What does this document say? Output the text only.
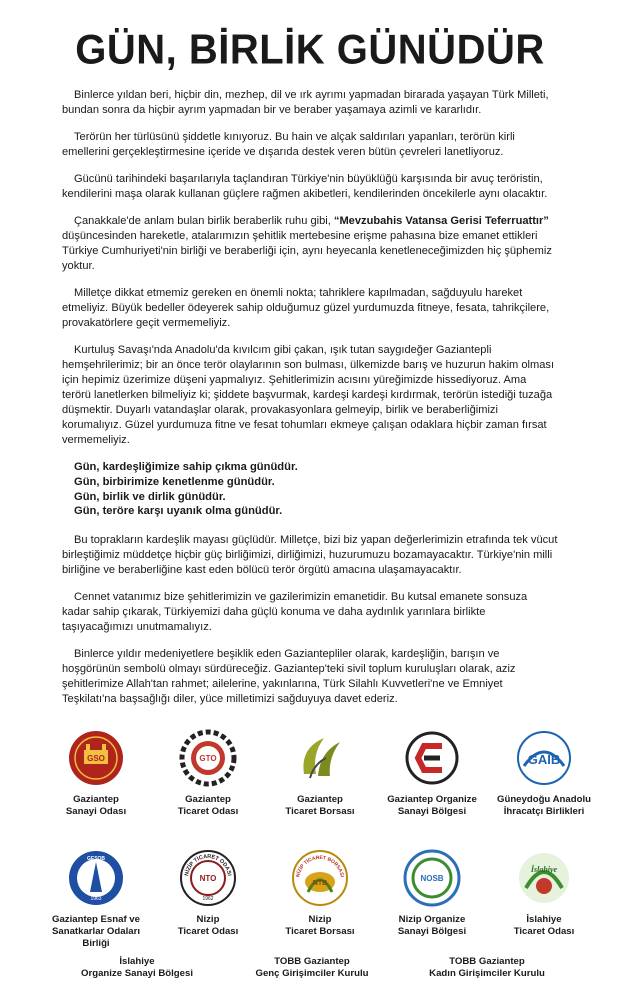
GÜN, BİRLİK GÜNÜDÜR

Binlerce yıldan beri, hiçbir din, mezhep, dil ve ırk ayrımı yapmadan birarada yaşayan Türk Milleti, bundan sonra da hiçbir ayrım yapmadan bir ve beraber yaşamaya azimli ve kararlıdır.

Terörün her türlüsünü şiddetle kınıyoruz. Bu hain ve alçak saldırıları yapanları, terörün kirli emellerini gerçekleştirmesine içeride ve dışarıda destek veren bütün çevreleri lanetliyoruz.

Gücünü tarihindeki başarılarıyla taçlandıran Türkiye'nin büyüklüğü karşısında bir avuç teröristin, kendilerini maşa olarak kullanan güçlere rağmen akibetleri, kendilerinden öncekilerle aynı olacaktır.

Çanakkale'de anlam bulan birlik beraberlik ruhu gibi, “Mevzubahis Vatansa Gerisi Teferruattır” düşüncesinden hareketle, atalarımızın şehitlik mertebesine erişme pahasına bize emanet ettikleri Türkiye Cumhuriyeti'nin birliği ve beraberliği için, aynı heyecanla kenetleneceğimizden hiç şüphemiz yoktur.

Milletçe dikkat etmemiz gereken en önemli nokta; tahriklere kapılmadan, sağduyulu hareket etmeliyiz. Büyük bedeller ödeyerek sahip olduğumuz güzel yurdumuzda fitneye, fesata, tahrikçilere, provakatörlere geçit vermemeliyiz.

Kurtuluş Savaşı'nda Anadolu'da kıvılcım gibi çakan, ışık tutan saygıdeğer Gaziantepli hemşehrilerimiz; bir an önce terör olaylarının son bulması, ülkemizde barış ve huzurun hakim olması için hepimiz üzerimize düşeni yapmalıyız. Şehitlerimizin acısını yüreğimizde hissediyoruz. Ama terörü lanetlerken bilmeliyiz ki; şiddete başvurmak, kardeşi kardeşi kırdırmak, terörün istediği tuzağa düşmektir. Duyarlı vatandaşlar olarak, provakasyonlara gelmeyip, birlik ve beraberliğimizi korumalıyız. Güzel yurdumuza fitne ve fesat tohumları ekmeye çalışan odaklara hiçbir zaman fırsat vermemeliyiz.

Gün, kardeşliğimize sahip çıkma günüdür.
Gün, birbirimize kenetlenme günüdür.
Gün, birlik ve dirlik günüdür.
Gün, teröre karşı uyanık olma günüdür.

Bu toprakların kardeşlik mayası güçlüdür. Milletçe, bizi biz yapan değerlerimizin etrafında tek vücut birleştiğimiz müddetçe hiçbir güç birliğimizi, dirliğimizi, huzurumuzu bozamayacaktır. Türkiye'nin milli birliğine ve beraberliğine kast eden bölücü terör örgütü amacına ulaşamayacaktır.

Cennet vatanımız bize şehitlerimizin ve gazilerimizin emanetidir. Bu kutsal emanete sonsuza kadar sahip çıkarak, Türkiyemizi daha güçlü konuma ve daha aydınlık yarınlara birlikte taşıyacağımızı unutmamalıyız.

Binlerce yıldır medeniyetlere beşiklik eden Gaziantepliler olarak, kardeşliğin, barışın ve hoşgörünün sembolü olmayı sürdüreceğiz. Gaziantep'teki sivil toplum kuruluşları olarak, aziz şehitlerimize Allah'tan rahmet; ailelerine, yakınlarına, Türk Silahlı Kuvvetleri'ne ve Emniyet Teşkilatı'na başsağlığı diler, yüce milletimizi sağduyuya davet ederiz.

GSO
Gaziantep
Sanayi Odası
GTO
Gaziantep
Ticaret Odası
Gaziantep
Ticaret Borsası
Gaziantep Organize
Sanayi Bölgesi
GAİB
Güneydoğu Anadolu
İhracatçı Birlikleri
1963
GESOB
Gaziantep Esnaf ve
Sanatkarlar Odaları Birliği
NİZİP TİCARET ODASI
NTO
1962
Nizip
Ticaret Odası
NİZİP TİCARET BORSASI
NTB
Nizip
Ticaret Borsası
NOSB
Nizip Organize
Sanayi Bölgesi
İslahiye
İslahiye
Ticaret Odası
İslahiye
Organize Sanayi Bölgesi
TOBB Gaziantep
Genç Girişimciler Kurulu
TOBB Gaziantep
Kadın Girişimciler Kurulu
